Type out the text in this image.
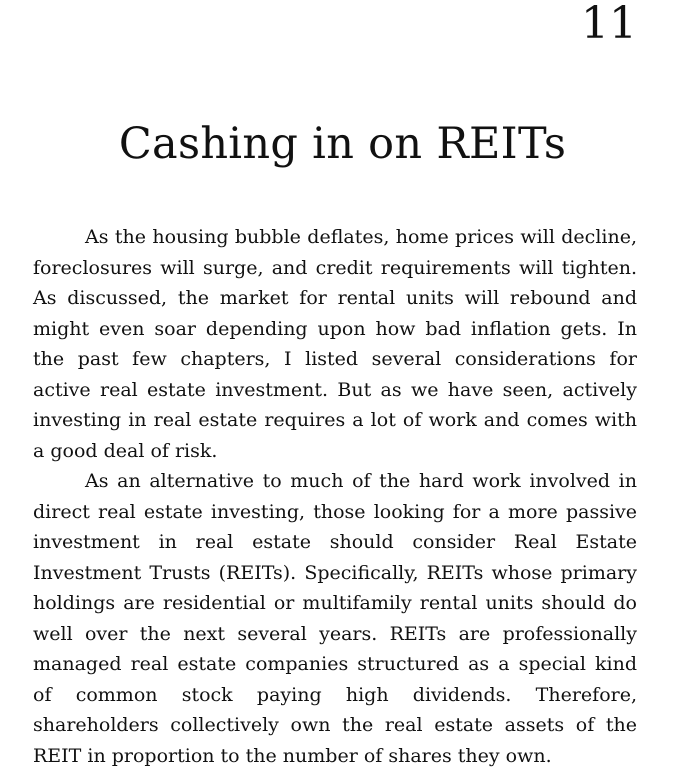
11
Cashing in on REITs

As the housing bubble deflates, home prices will decline, foreclosures will surge, and credit requirements will tighten. As discussed, the market for rental units will rebound and might even soar depending upon how bad inflation gets. In the past few chapters, I listed several considerations for active real estate investment. But as we have seen, actively investing in real estate requires a lot of work and comes with a good deal of risk.

As an alternative to much of the hard work involved in direct real estate investing, those looking for a more passive investment in real estate should consider Real Estate Investment Trusts (REITs). Specifically, REITs whose primary holdings are residential or multifamily rental units should do well over the next several years. REITs are professionally managed real estate companies structured as a special kind of common stock paying high dividends. Therefore, shareholders collectively own the real estate assets of the REIT in proportion to the number of shares they own.
